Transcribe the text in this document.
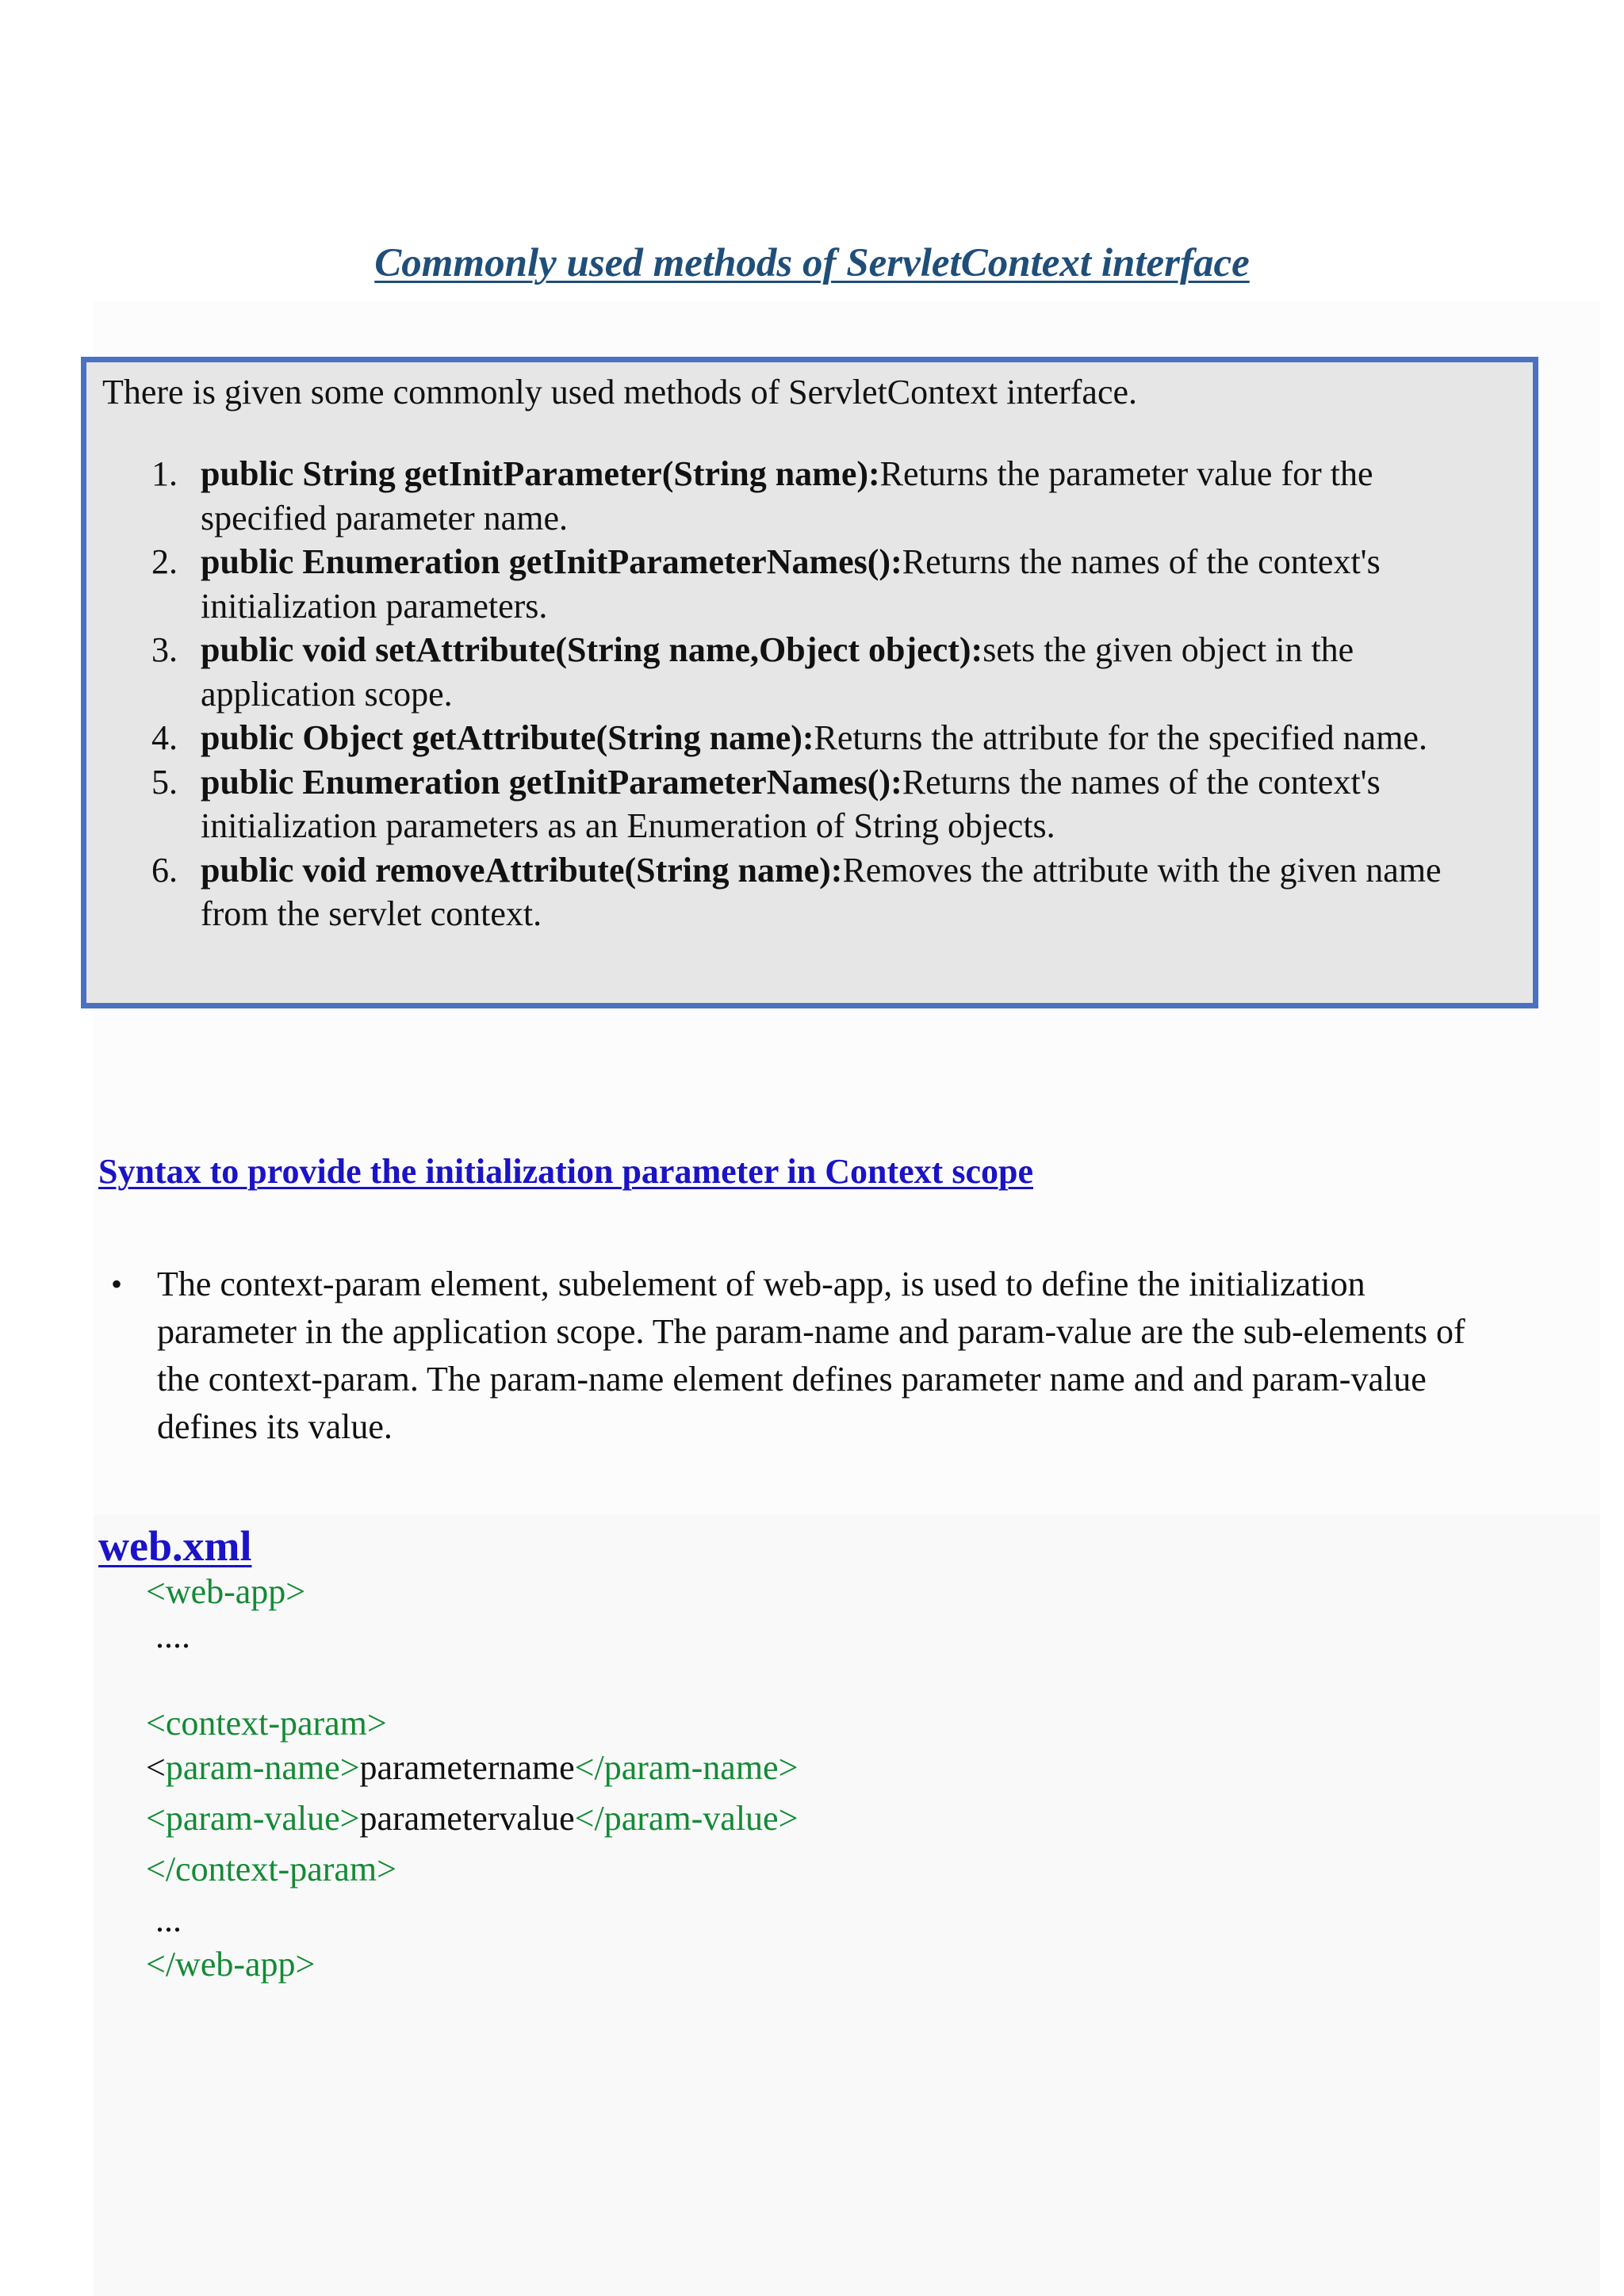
Commonly used methods of ServletContext interface
There is given some commonly used methods of ServletContext interface.
1. public String getInitParameter(String name):Returns the parameter value for the specified parameter name.
2. public Enumeration getInitParameterNames():Returns the names of the context's initialization parameters.
3. public void setAttribute(String name,Object object):sets the given object in the application scope.
4. public Object getAttribute(String name):Returns the attribute for the specified name.
5. public Enumeration getInitParameterNames():Returns the names of the context's initialization parameters as an Enumeration of String objects.
6. public void removeAttribute(String name):Removes the attribute with the given name from the servlet context.
Syntax to provide the initialization parameter in Context scope
• The context-param element, subelement of web-app, is used to define the initialization parameter in the application scope. The param-name and param-value are the sub-elements of the context-param. The param-name element defines parameter name and and param-value defines its value.
web.xml
<web-app>
....
<context-param>
<param-name>parametername</param-name>
<param-value>parametervalue</param-value>
</context-param>
...
</web-app>
